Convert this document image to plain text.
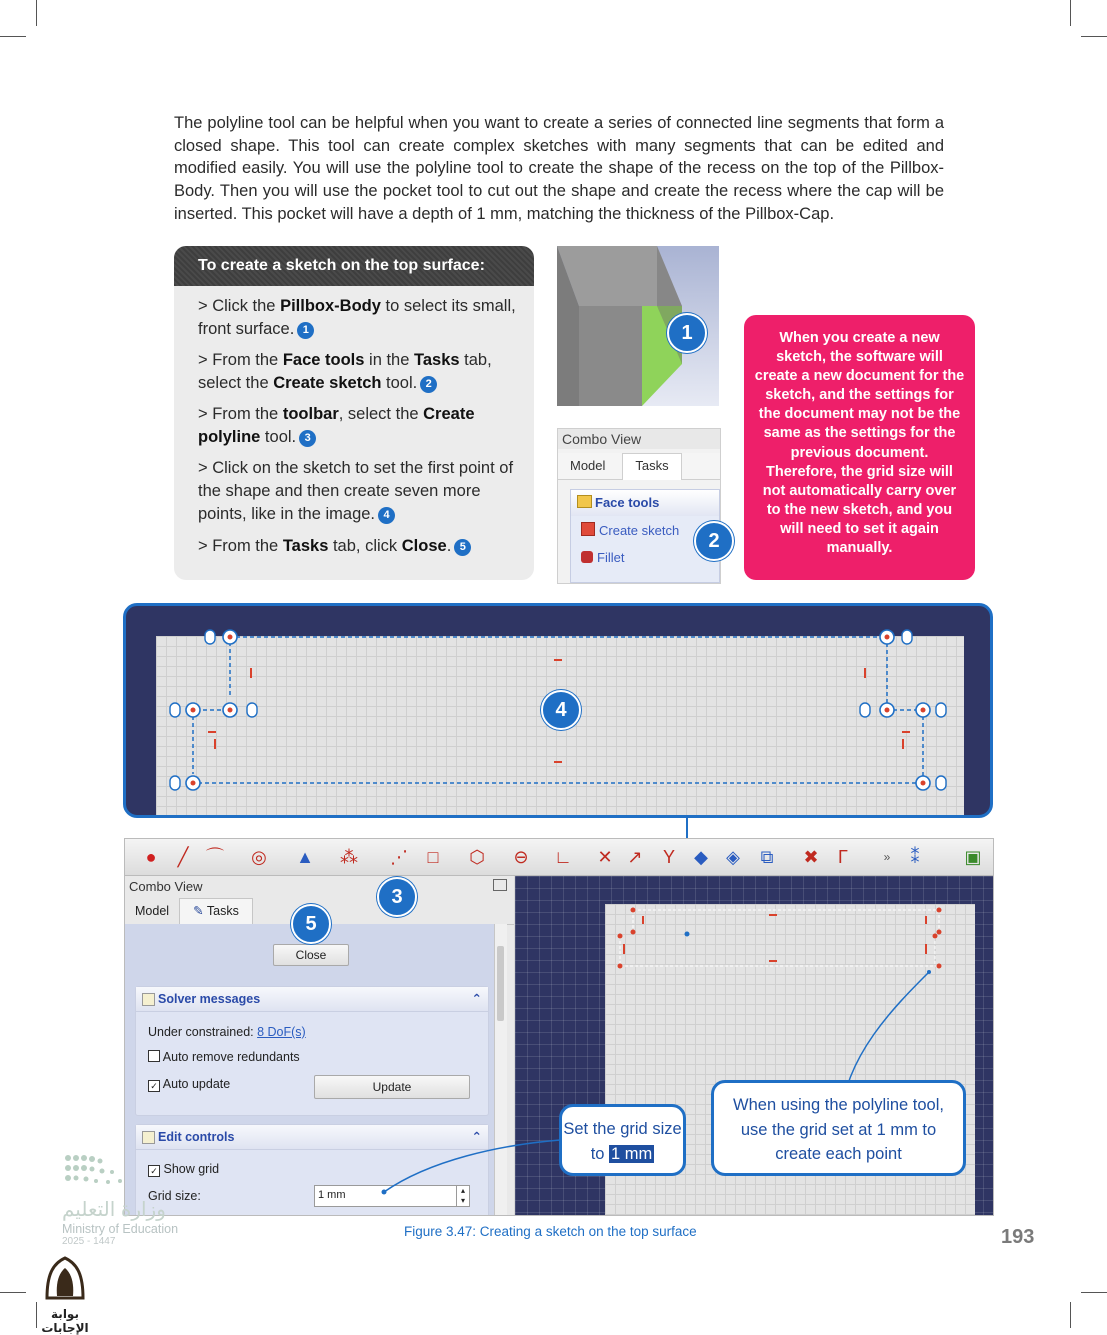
The polyline tool can be helpful when you want to create a series of connected line segments that form a closed shape. This tool can create complex sketches with many segments that can be edited and modified easily. You will use the polyline tool to create the shape of the recess on the top of the Pillbox-Body. Then you will use the pocket tool to cut out the shape and create the recess where the cap will be inserted. This pocket will have a depth of 1 mm, matching the thickness of the Pillbox-Cap.
To create a sketch on the top surface:
> Click the Pillbox-Body to select its small, front surface. 1
> From the Face tools in the Tasks tab, select the Create sketch tool. 2
> From the toolbar, select the Create polyline tool. 3
> Click on the sketch to set the first point of the shape and then create seven more points, like in the image. 4
> From the Tasks tab, click Close. 5
1
Combo View
Model	Tasks
Face tools
Create sketch
Fillet
2
When you create a new sketch, the software will create a new document for the sketch, and the settings for the document may not be the same as the settings for the previous document. Therefore, the grid size will not automatically carry over to the new sketch, and you will need to set it again manually.
4
● ╱ ⌒ ◎ ▲ ⁂ ⋰ □ ⬡ ⊖ ∟ ✕ ↗ Y ◆ ◈ ⧉ ✖ Γ	»	⁑	▣
Combo View
Model	✎ Tasks
Close
Solver messages	⌃
Under constrained: 8 DoF(s)
Auto remove redundants
✓ Auto update	Update
Edit controls	⌃
✓ Show grid
Grid size:	1 mm	▴
▾
3
5
Set the grid size to 1 mm
When using the polyline tool, use the grid set at 1 mm to create each point
Figure 3.47: Creating a sketch on the top surface	193
وزارة التعليم
Ministry of Education
2025 - 1447
بوابة الإجابات
